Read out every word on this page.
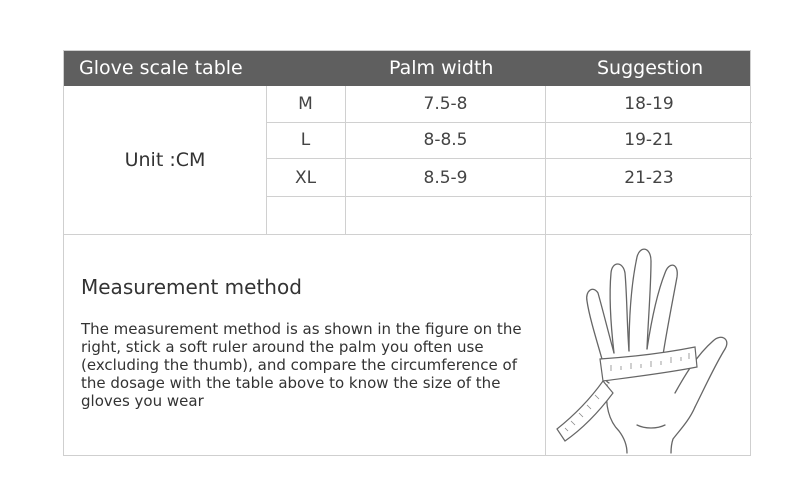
Glove scale table	Palm width	Suggestion
Unit :CM
M	7.5-8	18-19
L	8-8.5	19-21
XL	8.5-9	21-23
Measurement method
The measurement method is as shown in the figure on the right, stick a soft ruler around the palm you often use (excluding the thumb), and compare the circumference of the dosage with the table above to know the size of the gloves you wear
